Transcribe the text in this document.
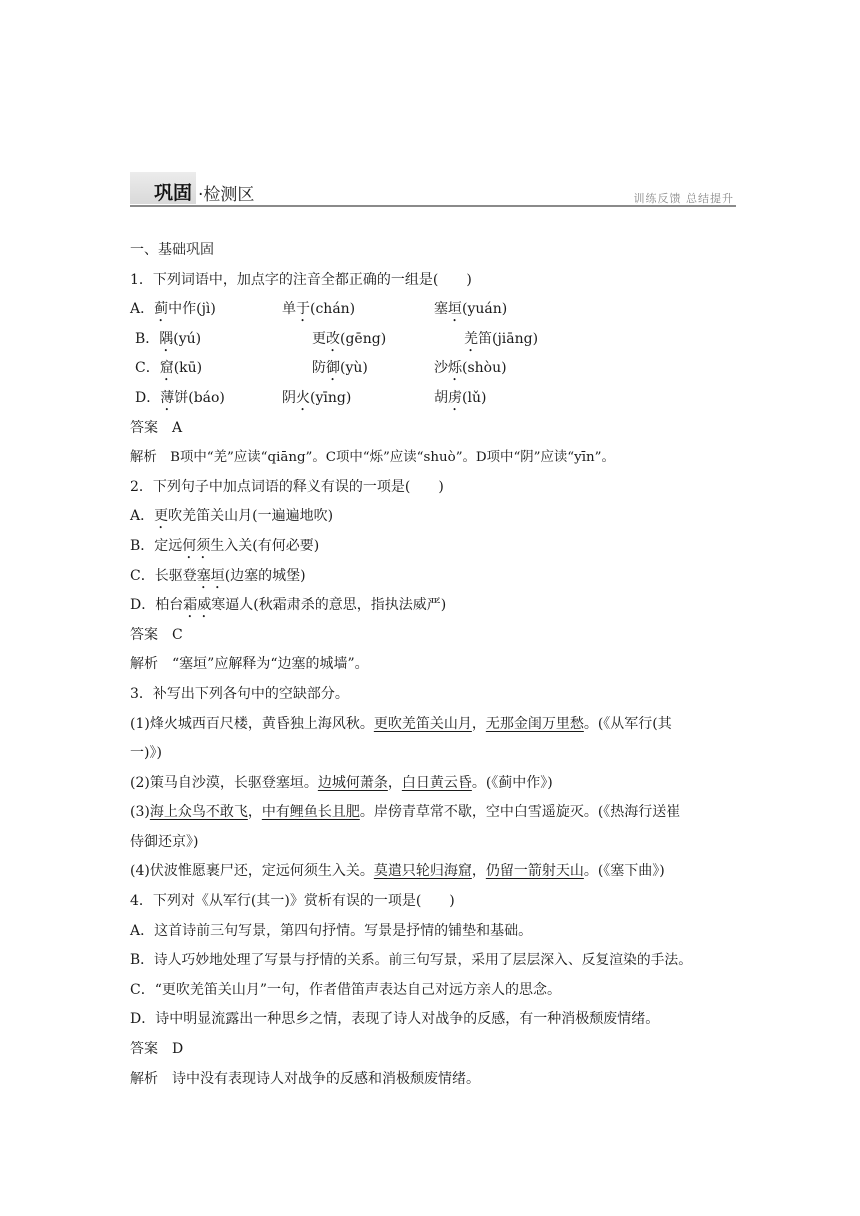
巩固 ·检测区	训练反馈 总结提升
一、基础巩固
1．下列词语中，加点字的注音全都正确的一组是(　　)
A．蓟中作(jì)	单于(chán)	塞垣(yuán)
B．隅(yú)	更改(gēng)	羌笛(jiāng)
C．窟(kū)	防御(yù)	沙烁(shòu)
D．薄饼(báo)	阴火(yīng)	胡虏(lǔ)
答案　A
解析　B项中“羌”应读“qiāng”。C项中“烁”应读“shuò”。D项中“阴”应读“yīn”。
2．下列句子中加点词语的释义有误的一项是(　　)
A．更吹羌笛关山月(一遍遍地吹)
B．定远何须生入关(有何必要)
C．长驱登塞垣(边塞的城堡)
D．柏台霜威寒逼人(秋霜肃杀的意思，指执法威严)
答案　C
解析　“塞垣”应解释为“边塞的城墙”。
3．补写出下列各句中的空缺部分。
(1)烽火城西百尺楼，黄昏独上海风秋。更吹羌笛关山月，无那金闺万里愁。(《从军行(其
一)》)
(2)策马自沙漠，长驱登塞垣。边城何萧条，白日黄云昏。(《蓟中作》)
(3)海上众鸟不敢飞，中有鲤鱼长且肥。岸傍青草常不歇，空中白雪遥旋灭。(《热海行送崔
侍御还京》)
(4)伏波惟愿裹尸还，定远何须生入关。莫遣只轮归海窟，仍留一箭射天山。(《塞下曲》)
4．下列对《从军行(其一)》赏析有误的一项是(　　)
A．这首诗前三句写景，第四句抒情。写景是抒情的铺垫和基础。
B．诗人巧妙地处理了写景与抒情的关系。前三句写景，采用了层层深入、反复渲染的手法。
C．“更吹羌笛关山月”一句，作者借笛声表达自己对远方亲人的思念。
D．诗中明显流露出一种思乡之情，表现了诗人对战争的反感，有一种消极颓废情绪。
答案　D
解析　诗中没有表现诗人对战争的反感和消极颓废情绪。
